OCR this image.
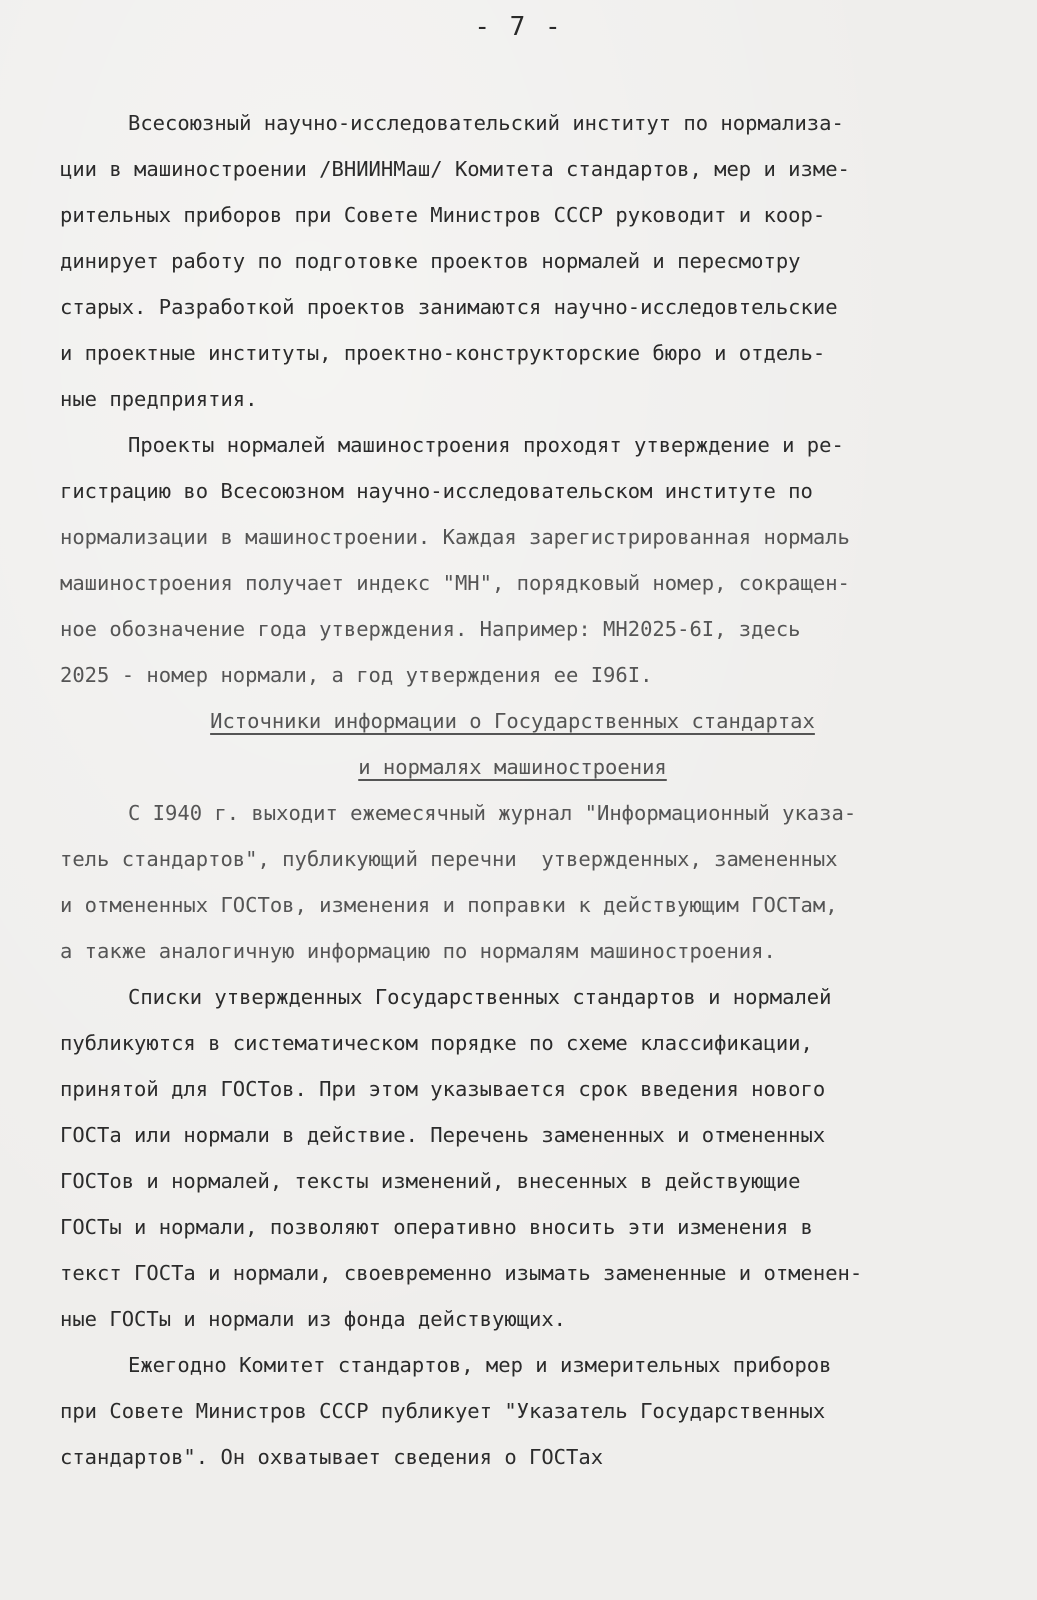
- 7 -
Всесоюзный научно-исследовательский институт по нормализа-
ции в машиностроении /ВНИИНМаш/ Комитета стандартов, мер и изме-
рительных приборов при Совете Министров СССР руководит и коор-
динирует работу по подготовке проектов нормалей и пересмотру
старых. Разработкой проектов занимаются научно-исследовтельские
и проектные институты, проектно-конструкторские бюро и отдель-
ные предприятия.
Проекты нормалей машиностроения проходят утверждение и ре-
гистрацию во Всесоюзном научно-исследовательском институте по
нормализации в машиностроении. Каждая зарегистрированная нормаль
машиностроения получает индекс "МН", порядковый номер, сокращен-
ное обозначение года утверждения. Например: МН2025-6I, здесь
2025 - номер нормали, а год утверждения ее I96I.
Источники информации о Государственных стандартах
и нормалях машиностроения
С I940 г. выходит ежемесячный журнал "Информационный указа-
тель стандартов", публикующий перечни  утвержденных, замененных
и отмененных ГОСТов, изменения и поправки к действующим ГОСТам,
а также аналогичную информацию по нормалям машиностроения.
Списки утвержденных Государственных стандартов и нормалей
публикуются в систематическом порядке по схеме классификации,
принятой для ГОСТов. При этом указывается срок введения нового
ГОСТа или нормали в действие. Перечень замененных и отмененных
ГОСТов и нормалей, тексты изменений, внесенных в действующие
ГОСТы и нормали, позволяют оперативно вносить эти изменения в
текст ГОСТа и нормали, своевременно изымать замененные и отменен-
ные ГОСТы и нормали из фонда действующих.
Ежегодно Комитет стандартов, мер и измерительных приборов
при Совете Министров СССР публикует "Указатель Государственных
стандартов". Он охватывает сведения о ГОСТах
